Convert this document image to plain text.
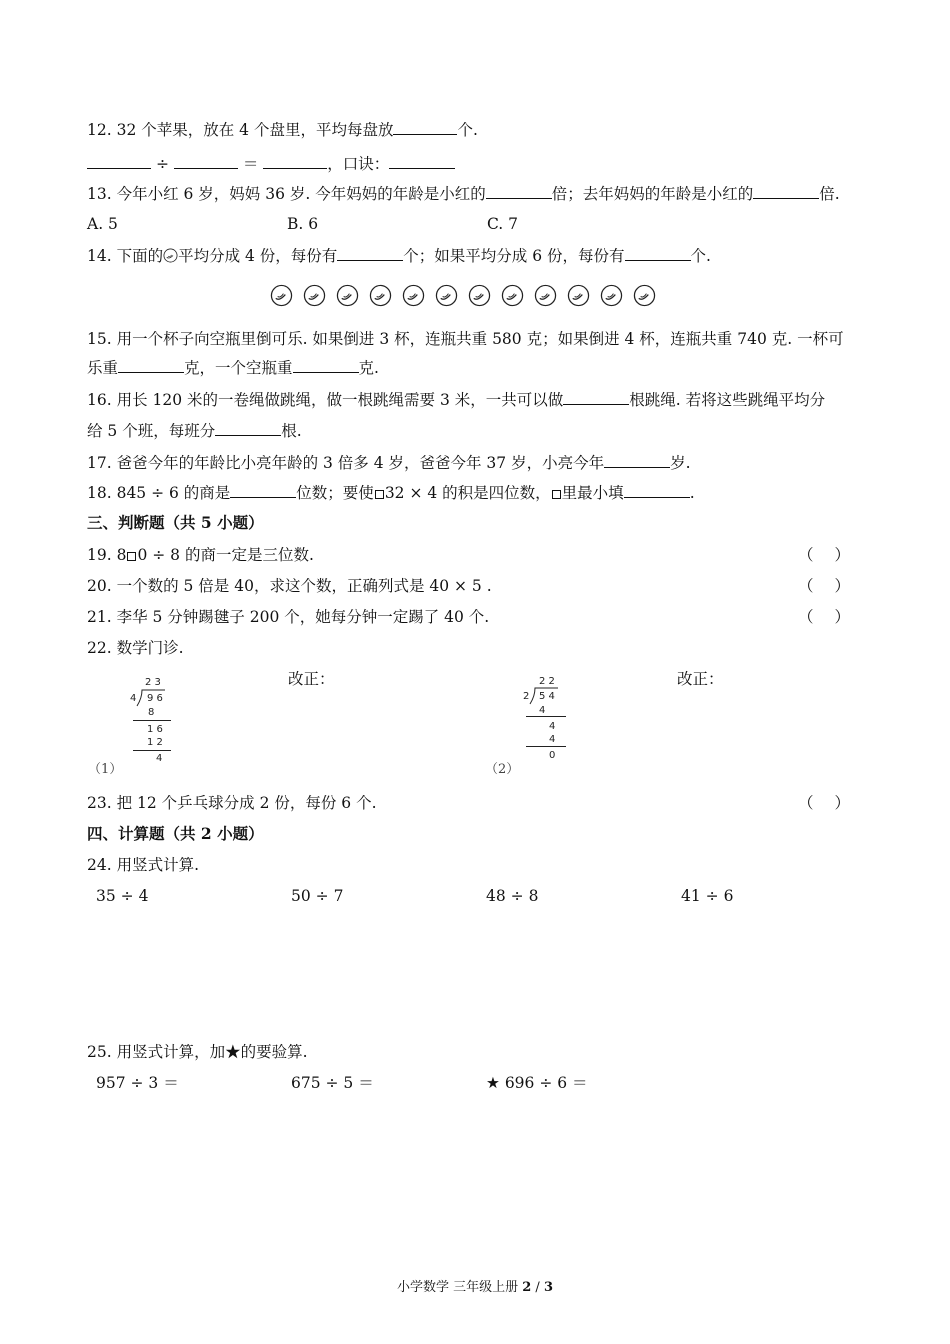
12. 32 个苹果，放在 4 个盘里，平均每盘放	个.
÷	＝	，口诀：
13. 今年小红 6 岁，妈妈 36 岁. 今年妈妈的年龄是小红的	倍；去年妈妈的年龄是小红的	倍.
A. 5	B. 6	C. 7
14. 下面的 平均分成 4 份，每份有	个；如果平均分成 6 份，每份有	个.
15. 用一个杯子向空瓶里倒可乐. 如果倒进 3 杯，连瓶共重 580 克；如果倒进 4 杯，连瓶共重 740 克. 一杯可
乐重	克，一个空瓶重	克.
16. 用长 120 米的一卷绳做跳绳，做一根跳绳需要 3 米，一共可以做	根跳绳. 若将这些跳绳平均分
给 5 个班，每班分	根.
17. 爸爸今年的年龄比小亮年龄的 3 倍多 4 岁，爸爸今年 37 岁，小亮今年	岁.
18. 845 ÷ 6 的商是	位数；要使 32 × 4 的积是四位数， 里最小填	.
三、判断题（共 5 小题）
19. 8 0 ÷ 8 的商一定是三位数.	（ ）
20. 一个数的 5 倍是 40，求这个数，正确列式是 40 × 5 .	（ ）
21. 李华 5 分钟踢毽子 200 个，她每分钟一定踢了 40 个.	（ ）
22. 数学门诊.
2 3
4 9 6
8
1 6
1 2
4
（1）
改正：	2 2
2 5 4
4
4
4
0
（2）
改正：
23. 把 12 个乒乓球分成 2 份，每份 6 个.	（ ）
四、计算题（共 2 小题）
24. 用竖式计算.
35 ÷ 4	50 ÷ 7	48 ÷ 8	41 ÷ 6
25. 用竖式计算，加★的要验算.
957 ÷ 3 ＝	675 ÷ 5 ＝	★ 696 ÷ 6 ＝
小学数学 三年级上册 2 / 3
